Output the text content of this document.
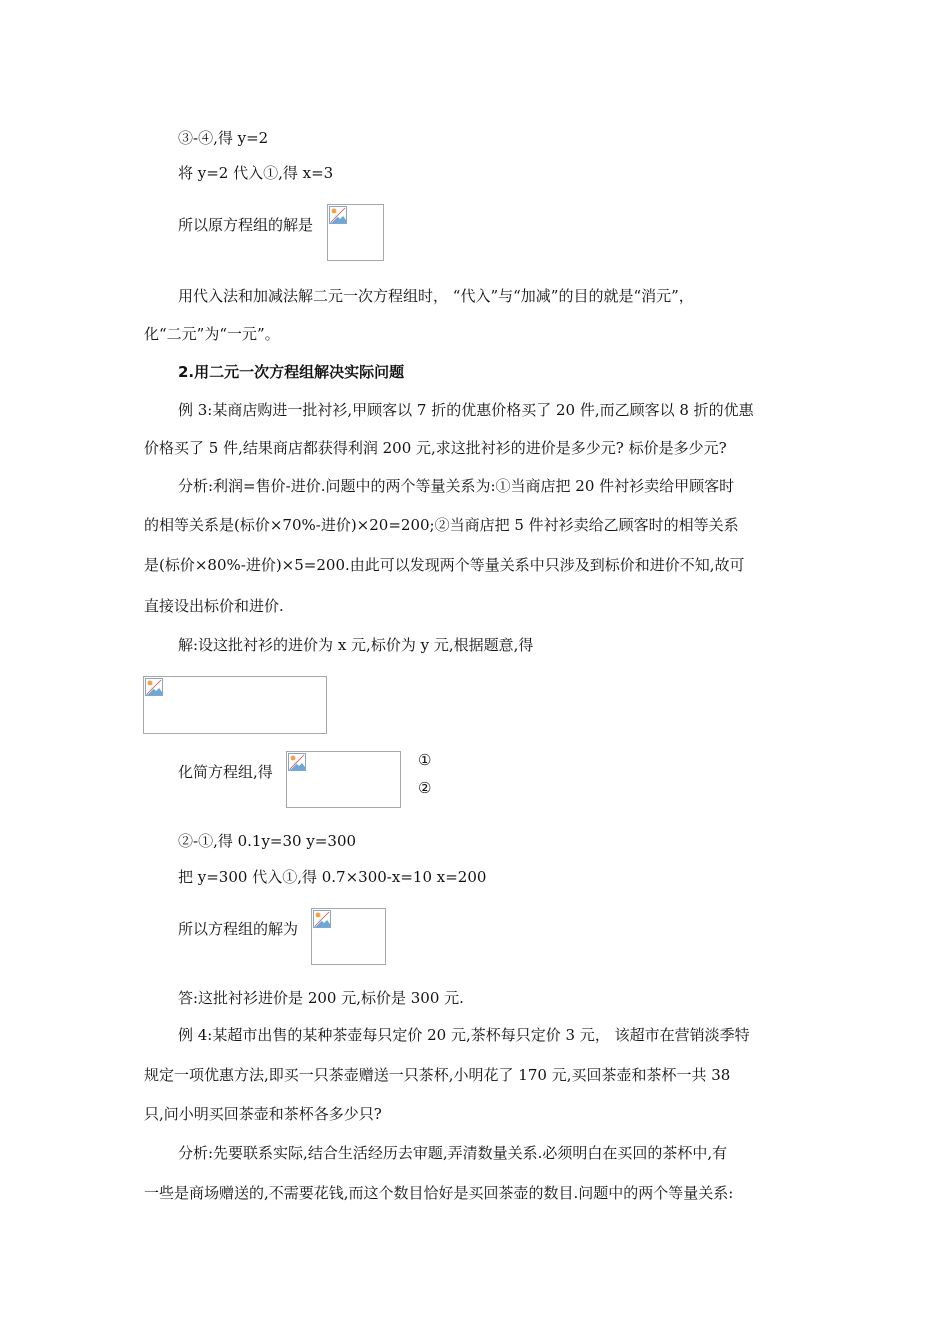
③-④,得 y=2
将 y=2 代入①,得 x=3
所以原方程组的解是
用代入法和加减法解二元一次方程组时， “代入”与“加减”的目的就是“消元”，
化“二元”为“一元”。
2.用二元一次方程组解决实际问题
例 3:某商店购进一批衬衫,甲顾客以 7 折的优惠价格买了 20 件,而乙顾客以 8 折的优惠
价格买了 5 件,结果商店都获得利润 200 元,求这批衬衫的进价是多少元? 标价是多少元?
分析:利润=售价-进价.问题中的两个等量关系为:①当商店把 20 件衬衫卖给甲顾客时
的相等关系是(标价×70%-进价)×20=200;②当商店把 5 件衬衫卖给乙顾客时的相等关系
是(标价×80%-进价)×5=200.由此可以发现两个等量关系中只涉及到标价和进价不知,故可
直接设出标价和进价.
解:设这批衬衫的进价为 x 元,标价为 y 元,根据题意,得
化简方程组,得
①
②
②-①,得 0.1y=30 y=300
把 y=300 代入①,得 0.7×300-x=10 x=200
所以方程组的解为
答:这批衬衫进价是 200 元,标价是 300 元.
例 4:某超市出售的某种茶壶每只定价 20 元,茶杯每只定价 3 元， 该超市在营销淡季特
规定一项优惠方法,即买一只茶壶赠送一只茶杯,小明花了 170 元,买回茶壶和茶杯一共 38
只,问小明买回茶壶和茶杯各多少只?
分析:先要联系实际,结合生活经历去审题,弄清数量关系.必须明白在买回的茶杯中,有
一些是商场赠送的,不需要花钱,而这个数目恰好是买回茶壶的数目.问题中的两个等量关系:
